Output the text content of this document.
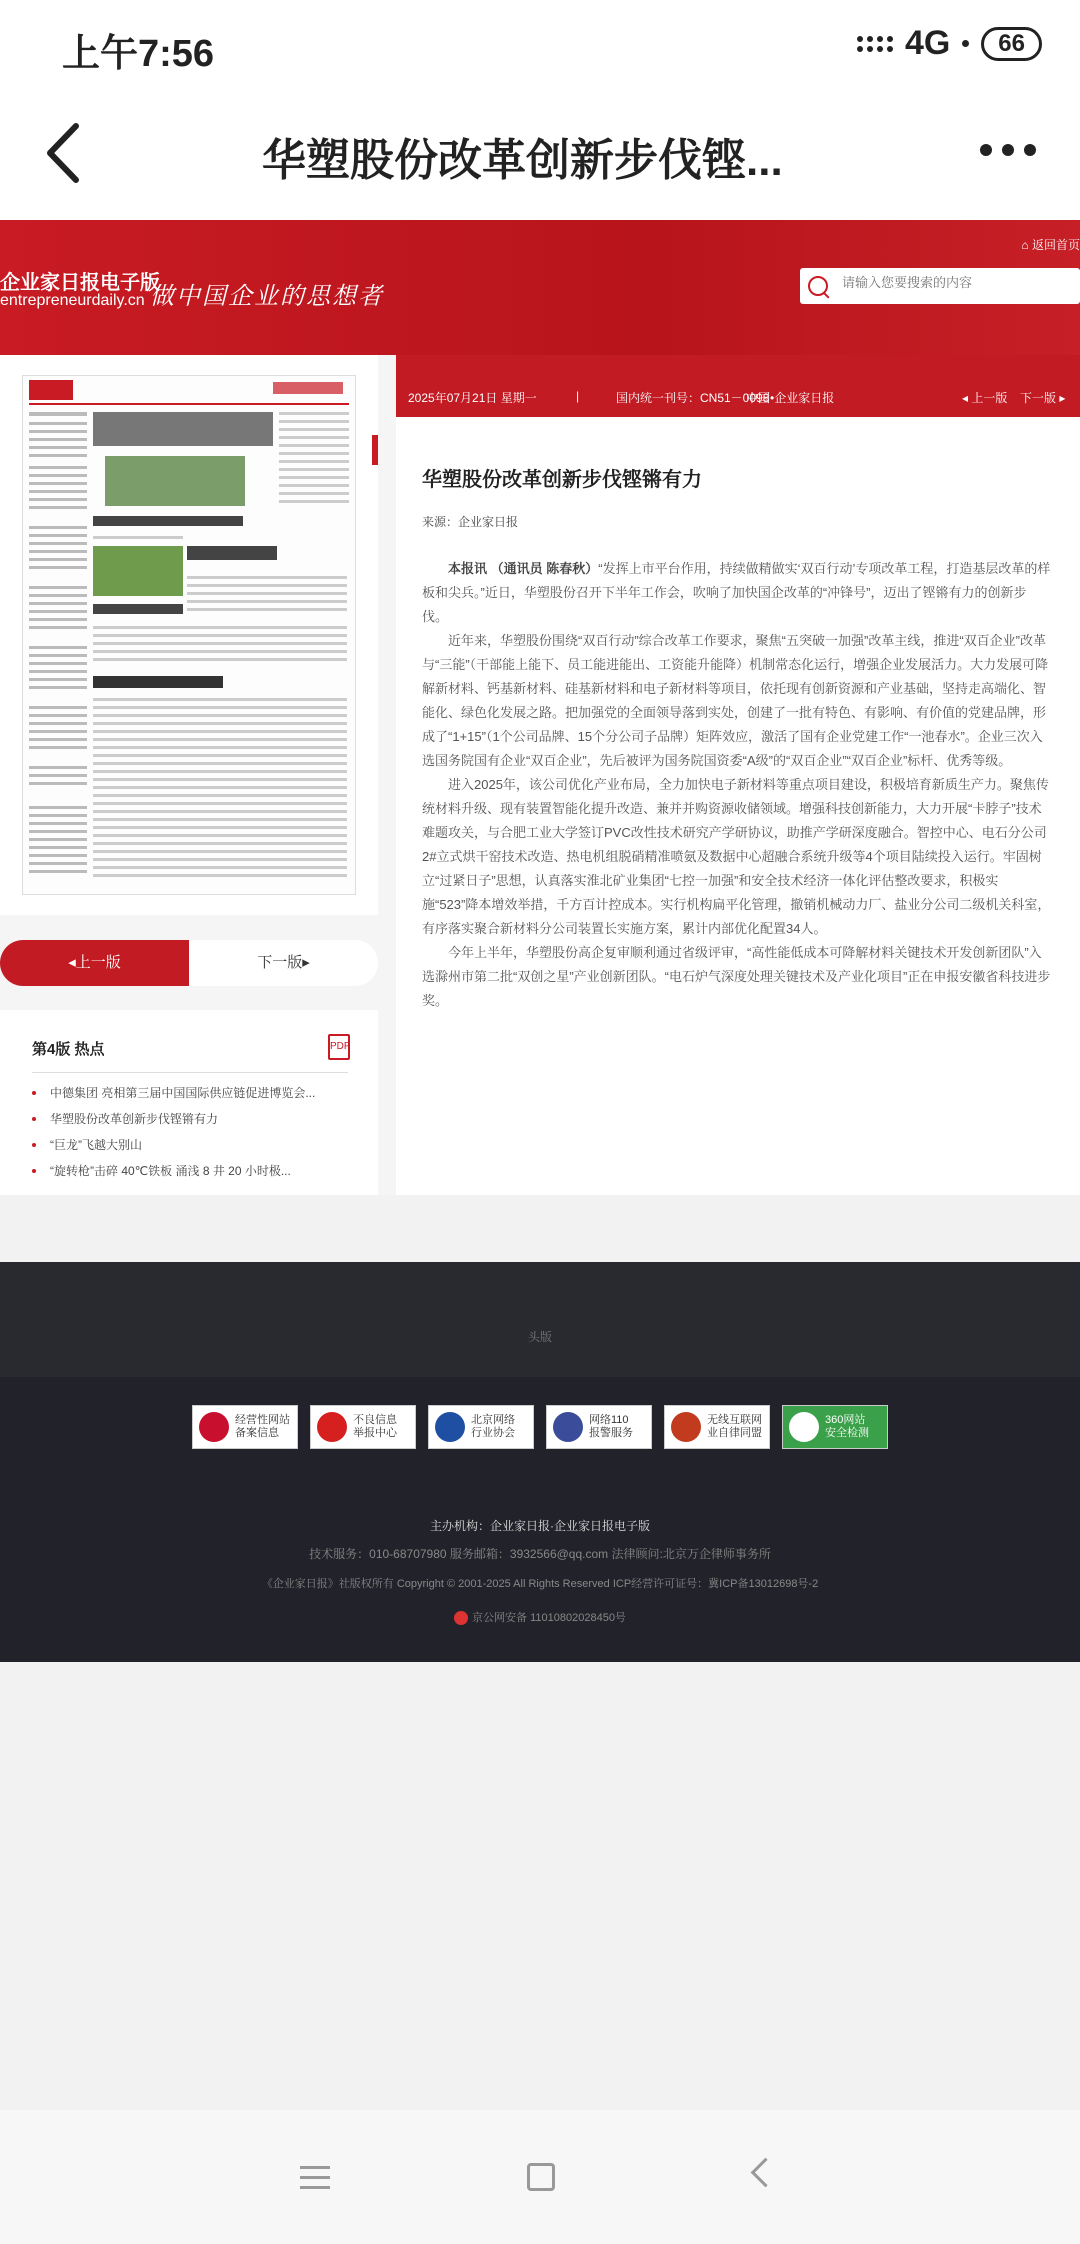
上午7:56	4G	66
华塑股份改革创新步伐铿...
企业家日报电子版
entrepreneurdaily.cn 做中国企业的思想者
⌂ 返回首页
请输入您要搜索的内容
◂上一版	下一版▸
第4版 热点	PDF
中德集团 亮相第三届中国国际供应链促进博览会...
华塑股份改革创新步伐铿锵有力
“巨龙”飞越大别山
“旋转枪”击碎 40℃铁板 涌浅 8 井 20 小时极...
2025年07月21日 星期一	|	国内统一刊号：CN51－0098
中国•企业家日报	◂ 上一版 下一版 ▸
华塑股份改革创新步伐铿锵有力
来源：企业家日报

本报讯 （通讯员 陈春秋）“发挥上市平台作用，持续做精做实‘双百行动’专项改革工程，打造基层改革的样板和尖兵。”近日，华塑股份召开下半年工作会，吹响了加快国企改革的“冲锋号”，迈出了铿锵有力的创新步伐。

近年来，华塑股份围绕“双百行动”综合改革工作要求，聚焦“五突破一加强”改革主线，推进“双百企业”改革与“三能”（干部能上能下、员工能进能出、工资能升能降）机制常态化运行，增强企业发展活力。大力发展可降解新材料、钙基新材料、硅基新材料和电子新材料等项目，依托现有创新资源和产业基础，坚持走高端化、智能化、绿色化发展之路。把加强党的全面领导落到实处，创建了一批有特色、有影响、有价值的党建品牌，形成了“1+15”（1个公司品牌、15个分公司子品牌）矩阵效应，激活了国有企业党建工作“一池春水”。企业三次入选国务院国有企业“双百企业”，先后被评为国务院国资委“A级”的“双百企业”“双百企业”标杆、优秀等级。

进入2025年，该公司优化产业布局，全力加快电子新材料等重点项目建设，积极培育新质生产力。聚焦传统材料升级、现有装置智能化提升改造、兼并并购资源收储领域。增强科技创新能力，大力开展“卡脖子”技术难题攻关，与合肥工业大学签订PVC改性技术研究产学研协议，助推产学研深度融合。智控中心、电石分公司2#立式烘干窑技术改造、热电机组脱硝精准喷氨及数据中心超融合系统升级等4个项目陆续投入运行。牢固树立“过紧日子”思想，认真落实淮北矿业集团“七控一加强”和安全技术经济一体化评估整改要求，积极实施“523”降本增效举措，千方百计控成本。实行机构扁平化管理，撤销机械动力厂、盐业分公司二级机关科室，有序落实聚合新材料分公司装置长实施方案，累计内部优化配置34人。

今年上半年，华塑股份高企复审顺利通过省级评审，“高性能低成本可降解材料关键技术开发创新团队”入选滁州市第二批“双创之星”产业创新团队。“电石炉气深度处理关键技术及产业化项目”正在申报安徽省科技进步奖。

头版
经营性网站
备案信息
不良信息
举报中心
北京网络
行业协会
网络110
报警服务
无线互联网
业自律同盟
360网站
安全检测
主办机构：企业家日报·企业家日报电子版
技术服务：010-68707980 服务邮箱：3932566@qq.com 法律顾问:北京万企律师事务所
《企业家日报》社版权所有 Copyright © 2001-2025 All Rights Reserved ICP经营许可证号：冀ICP备13012698号-2
京公网安备 11010802028450号
